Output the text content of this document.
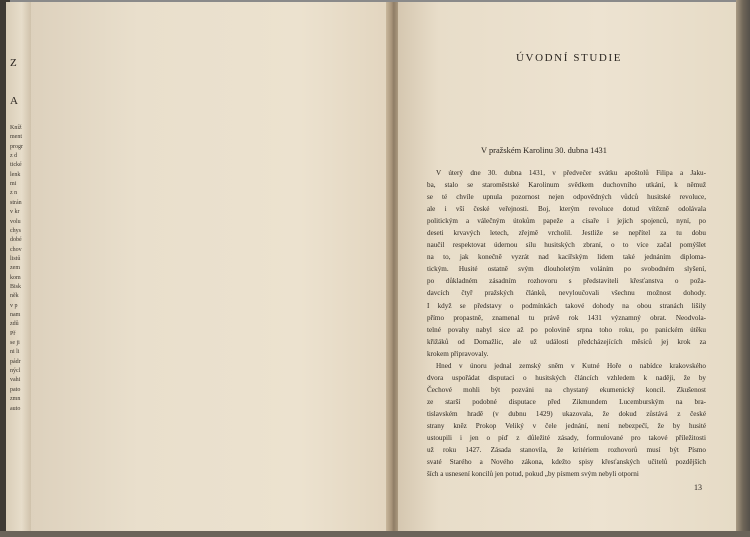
Z
A
Kníž
ment
progr
z d
tické
lenk
mi
z n
strán
v kr
volu
chys
dobé
chov
listů
zem
kom
Bisk
něk
v p
nam
zdů
Př
se ji
ni li
pádr
nýcl
vahi
pato
zmn
auto
ÚVODNÍ STUDIE
V pražském Karolinu 30. dubna 1431
V úterý dne 30. dubna 1431, v předvečer svátku apoštolů Filipa a Jaku-
ba, stalo se staroměstské Karolinum svědkem duchovního utkání, k němuž
se té chvíle upnula pozornost nejen odpovědných vůdců husitské revoluce,
ale i vší české veřejnosti. Boj, kterým revoluce dotud vítězně odolávala
politickým a válečným útokům papeže a císaře i jejich spojenců, nyní, po
deseti krvavých letech, zřejmě vrcholil. Jestliže se nepřítel za tu dobu
naučil respektovat údernou sílu husitských zbraní, o to více začal pomýšlet
na to, jak konečně vyzrát nad kacířským lidem také jednáním diploma-
tickým. Husité ostatně svým dlouholetým voláním po svobodném slyšení,
po důkladném zásadním rozhovoru s představiteli křesťanstva o poža-
davcích čtyř pražských článků, nevyloučovali všechnu možnost dohody.
I když se představy o podmínkách takové dohody na obou stranách lišily
přímo propastně, znamenal tu právě rok 1431 významný obrat. Neodvola-
telné povahy nabyl sice až po polovině srpna toho roku, po panickém útěku
křižáků od Domažlic, ale už události předcházejících měsíců jej krok za
krokem připravovaly.
Hned v únoru jednal zemský sněm v Kutné Hoře o nabídce krakovského
dvora uspořádat disputaci o husitských článcích vzhledem k naději, že by
Čechové mohli být pozváni na chystaný ekumenický koncil. Zkušenost
ze starší podobné disputace před Zikmundem Lucemburským na bra-
tislavském hradě (v dubnu 1429) ukazovala, že dokud zůstává z české
strany kněz Prokop Veliký v čele jednání, není nebezpečí, že by husité
ustoupili i jen o píď z důležité zásady, formulované pro takové příležitosti
už roku 1427. Zásada stanovila, že kritériem rozhovorů musí být Písmo
svaté Starého a Nového zákona, kdežto spisy křesťanských učitelů pozdějších
ších a usnesení koncilů jen potud, pokud „by písmem svým nebyli otporni
13
